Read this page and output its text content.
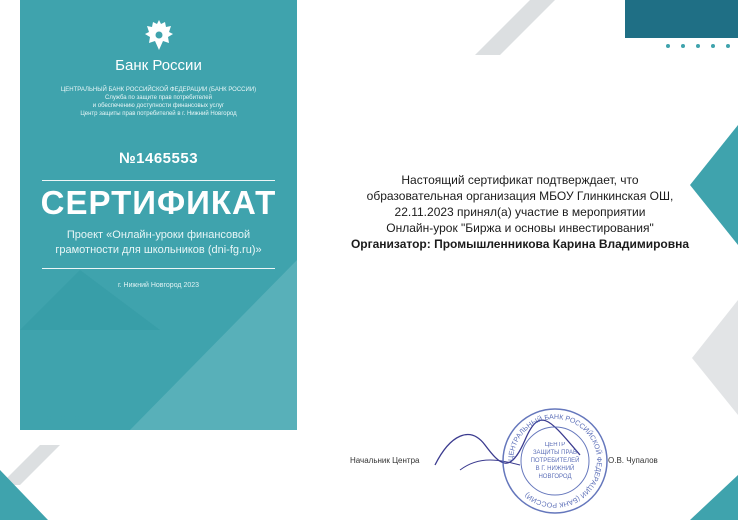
Банк России
ЦЕНТРАЛЬНЫЙ БАНК РОССИЙСКОЙ ФЕДЕРАЦИИ (БАНК РОССИИ)
Служба по защите прав потребителей
и обеспечению доступности финансовых услуг
Центр защиты прав потребителей в г. Нижний Новгород
№1465553
СЕРТИФИКАТ
Проект «Онлайн-уроки финансовой
грамотности для школьников (dni-fg.ru)»
г. Нижний Новгород 2023
Настоящий сертификат подтверждает, что
образовательная организация МБОУ Глинкинская ОШ,
22.11.2023 принял(а) участие в мероприятии
Онлайн-урок "Биржа и основы инвестирования"
Организатор: Промышленникова Карина Владимировна
Начальник Центра	О.В. Чупалов
ЦЕНТРАЛЬНЫЙ БАНК РОССИЙСКОЙ ФЕДЕРАЦИИ (БАНК РОССИИ)
ЦЕНТР
ЗАЩИТЫ ПРАВ
ПОТРЕБИТЕЛЕЙ
В Г. НИЖНИЙ
НОВГОРОД
